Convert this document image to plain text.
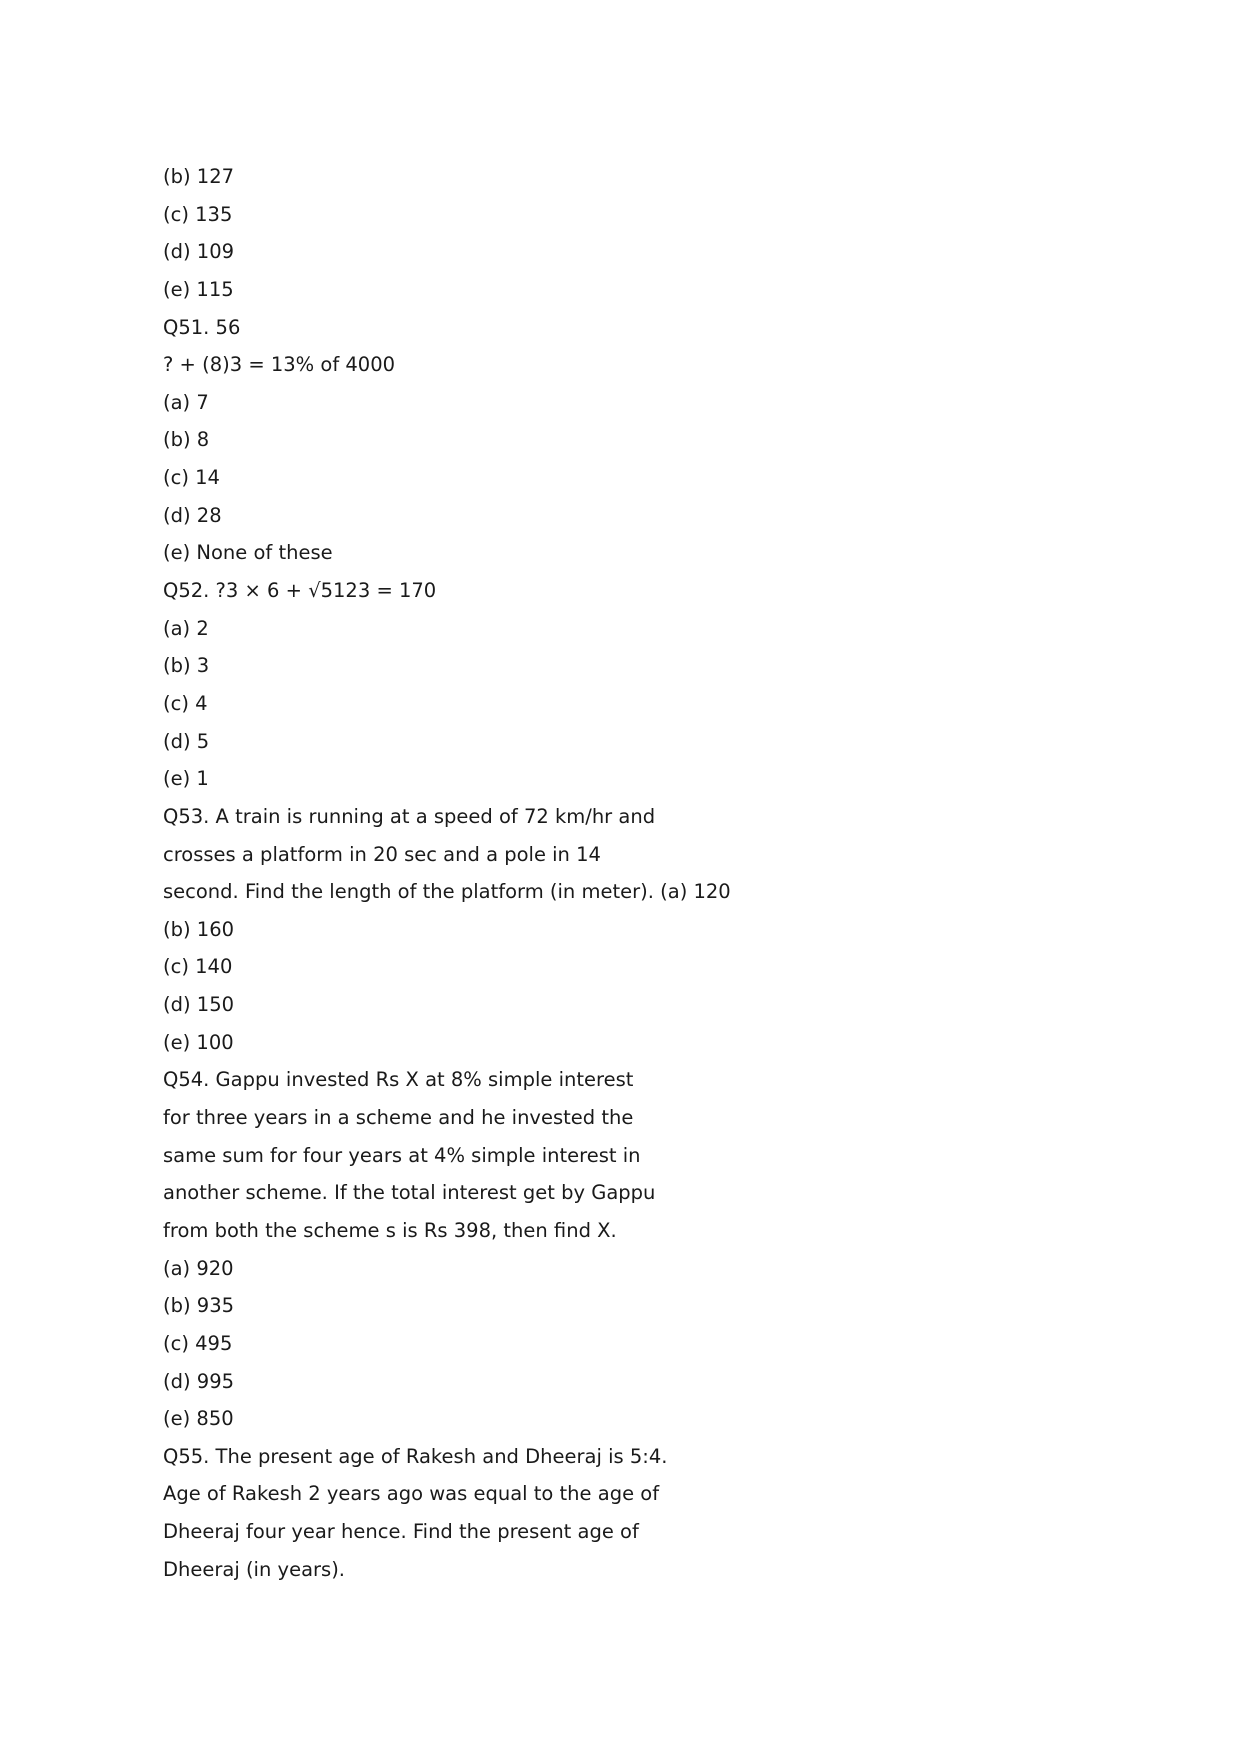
(b) 127
(c) 135
(d) 109
(e) 115
Q51. 56
? + (8)3 = 13% of 4000
(a) 7
(b) 8
(c) 14
(d) 28
(e) None of these
Q52. ?3 × 6 + √5123 = 170
(a) 2
(b) 3
(c) 4
(d) 5
(e) 1
Q53. A train is running at a speed of 72 km/hr and
crosses a platform in 20 sec and a pole in 14
second. Find the length of the platform (in meter). (a) 120
(b) 160
(c) 140
(d) 150
(e) 100
Q54. Gappu invested Rs X at 8% simple interest
for three years in a scheme and he invested the
same sum for four years at 4% simple interest in
another scheme. If the total interest get by Gappu
from both the scheme s is Rs 398, then find X.
(a) 920
(b) 935
(c) 495
(d) 995
(e) 850
Q55. The present age of Rakesh and Dheeraj is 5:4.
Age of Rakesh 2 years ago was equal to the age of
Dheeraj four year hence. Find the present age of
Dheeraj (in years).
